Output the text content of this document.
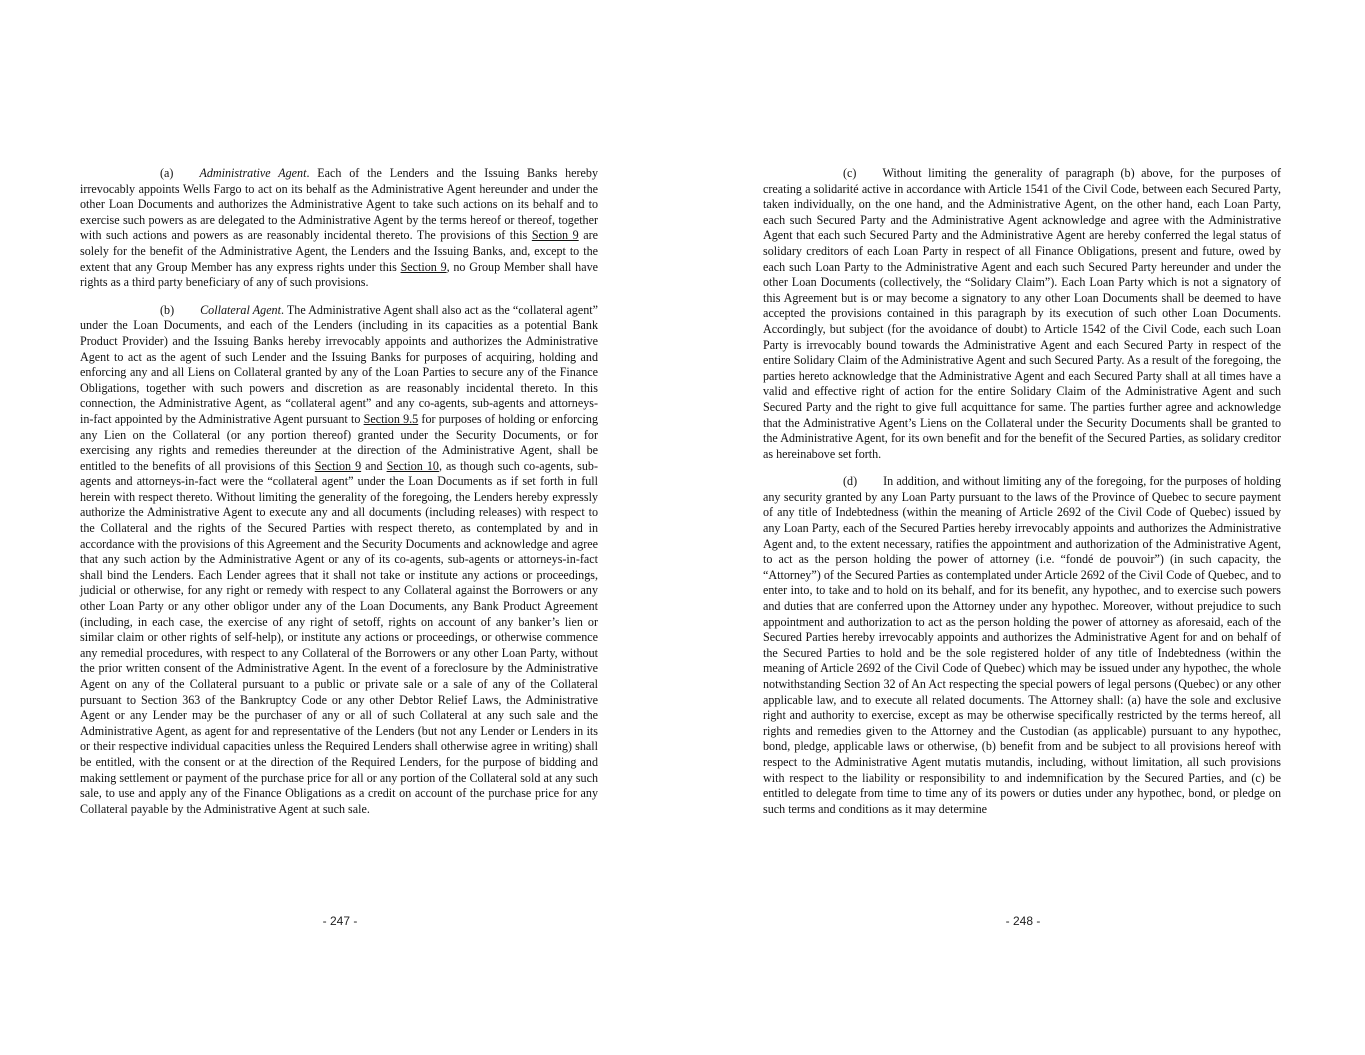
(a) Administrative Agent. Each of the Lenders and the Issuing Banks hereby irrevocably appoints Wells Fargo to act on its behalf as the Administrative Agent hereunder and under the other Loan Documents and authorizes the Administrative Agent to take such actions on its behalf and to exercise such powers as are delegated to the Administrative Agent by the terms hereof or thereof, together with such actions and powers as are reasonably incidental thereto. The provisions of this Section 9 are solely for the benefit of the Administrative Agent, the Lenders and the Issuing Banks, and, except to the extent that any Group Member has any express rights under this Section 9, no Group Member shall have rights as a third party beneficiary of any of such provisions.

(b) Collateral Agent. The Administrative Agent shall also act as the “collateral agent” under the Loan Documents, and each of the Lenders (including in its capacities as a potential Bank Product Provider) and the Issuing Banks hereby irrevocably appoints and authorizes the Administrative Agent to act as the agent of such Lender and the Issuing Banks for purposes of acquiring, holding and enforcing any and all Liens on Collateral granted by any of the Loan Parties to secure any of the Finance Obligations, together with such powers and discretion as are reasonably incidental thereto. In this connection, the Administrative Agent, as “collateral agent” and any co-agents, sub-agents and attorneys-in-fact appointed by the Administrative Agent pursuant to Section 9.5 for purposes of holding or enforcing any Lien on the Collateral (or any portion thereof) granted under the Security Documents, or for exercising any rights and remedies thereunder at the direction of the Administrative Agent, shall be entitled to the benefits of all provisions of this Section 9 and Section 10, as though such co-agents, sub-agents and attorneys-in-fact were the “collateral agent” under the Loan Documents as if set forth in full herein with respect thereto. Without limiting the generality of the foregoing, the Lenders hereby expressly authorize the Administrative Agent to execute any and all documents (including releases) with respect to the Collateral and the rights of the Secured Parties with respect thereto, as contemplated by and in accordance with the provisions of this Agreement and the Security Documents and acknowledge and agree that any such action by the Administrative Agent or any of its co-agents, sub-agents or attorneys-in-fact shall bind the Lenders. Each Lender agrees that it shall not take or institute any actions or proceedings, judicial or otherwise, for any right or remedy with respect to any Collateral against the Borrowers or any other Loan Party or any other obligor under any of the Loan Documents, any Bank Product Agreement (including, in each case, the exercise of any right of setoff, rights on account of any banker’s lien or similar claim or other rights of self-help), or institute any actions or proceedings, or otherwise commence any remedial procedures, with respect to any Collateral of the Borrowers or any other Loan Party, without the prior written consent of the Administrative Agent. In the event of a foreclosure by the Administrative Agent on any of the Collateral pursuant to a public or private sale or a sale of any of the Collateral pursuant to Section 363 of the Bankruptcy Code or any other Debtor Relief Laws, the Administrative Agent or any Lender may be the purchaser of any or all of such Collateral at any such sale and the Administrative Agent, as agent for and representative of the Lenders (but not any Lender or Lenders in its or their respective individual capacities unless the Required Lenders shall otherwise agree in writing) shall be entitled, with the consent or at the direction of the Required Lenders, for the purpose of bidding and making settlement or payment of the purchase price for all or any portion of the Collateral sold at any such sale, to use and apply any of the Finance Obligations as a credit on account of the purchase price for any Collateral payable by the Administrative Agent at such sale.

- 247 -

(c) Without limiting the generality of paragraph (b) above, for the purposes of creating a solidarité active in accordance with Article 1541 of the Civil Code, between each Secured Party, taken individually, on the one hand, and the Administrative Agent, on the other hand, each Loan Party, each such Secured Party and the Administrative Agent acknowledge and agree with the Administrative Agent that each such Secured Party and the Administrative Agent are hereby conferred the legal status of solidary creditors of each Loan Party in respect of all Finance Obligations, present and future, owed by each such Loan Party to the Administrative Agent and each such Secured Party hereunder and under the other Loan Documents (collectively, the “Solidary Claim”). Each Loan Party which is not a signatory of this Agreement but is or may become a signatory to any other Loan Documents shall be deemed to have accepted the provisions contained in this paragraph by its execution of such other Loan Documents. Accordingly, but subject (for the avoidance of doubt) to Article 1542 of the Civil Code, each such Loan Party is irrevocably bound towards the Administrative Agent and each Secured Party in respect of the entire Solidary Claim of the Administrative Agent and such Secured Party. As a result of the foregoing, the parties hereto acknowledge that the Administrative Agent and each Secured Party shall at all times have a valid and effective right of action for the entire Solidary Claim of the Administrative Agent and such Secured Party and the right to give full acquittance for same. The parties further agree and acknowledge that the Administrative Agent’s Liens on the Collateral under the Security Documents shall be granted to the Administrative Agent, for its own benefit and for the benefit of the Secured Parties, as solidary creditor as hereinabove set forth.

(d) In addition, and without limiting any of the foregoing, for the purposes of holding any security granted by any Loan Party pursuant to the laws of the Province of Quebec to secure payment of any title of Indebtedness (within the meaning of Article 2692 of the Civil Code of Quebec) issued by any Loan Party, each of the Secured Parties hereby irrevocably appoints and authorizes the Administrative Agent and, to the extent necessary, ratifies the appointment and authorization of the Administrative Agent, to act as the person holding the power of attorney (i.e. “fondé de pouvoir”) (in such capacity, the “Attorney”) of the Secured Parties as contemplated under Article 2692 of the Civil Code of Quebec, and to enter into, to take and to hold on its behalf, and for its benefit, any hypothec, and to exercise such powers and duties that are conferred upon the Attorney under any hypothec. Moreover, without prejudice to such appointment and authorization to act as the person holding the power of attorney as aforesaid, each of the Secured Parties hereby irrevocably appoints and authorizes the Administrative Agent for and on behalf of the Secured Parties to hold and be the sole registered holder of any title of Indebtedness (within the meaning of Article 2692 of the Civil Code of Quebec) which may be issued under any hypothec, the whole notwithstanding Section 32 of An Act respecting the special powers of legal persons (Quebec) or any other applicable law, and to execute all related documents. The Attorney shall: (a) have the sole and exclusive right and authority to exercise, except as may be otherwise specifically restricted by the terms hereof, all rights and remedies given to the Attorney and the Custodian (as applicable) pursuant to any hypothec, bond, pledge, applicable laws or otherwise, (b) benefit from and be subject to all provisions hereof with respect to the Administrative Agent mutatis mutandis, including, without limitation, all such provisions with respect to the liability or responsibility to and indemnification by the Secured Parties, and (c) be entitled to delegate from time to time any of its powers or duties under any hypothec, bond, or pledge on such terms and conditions as it may determine

- 248 -
